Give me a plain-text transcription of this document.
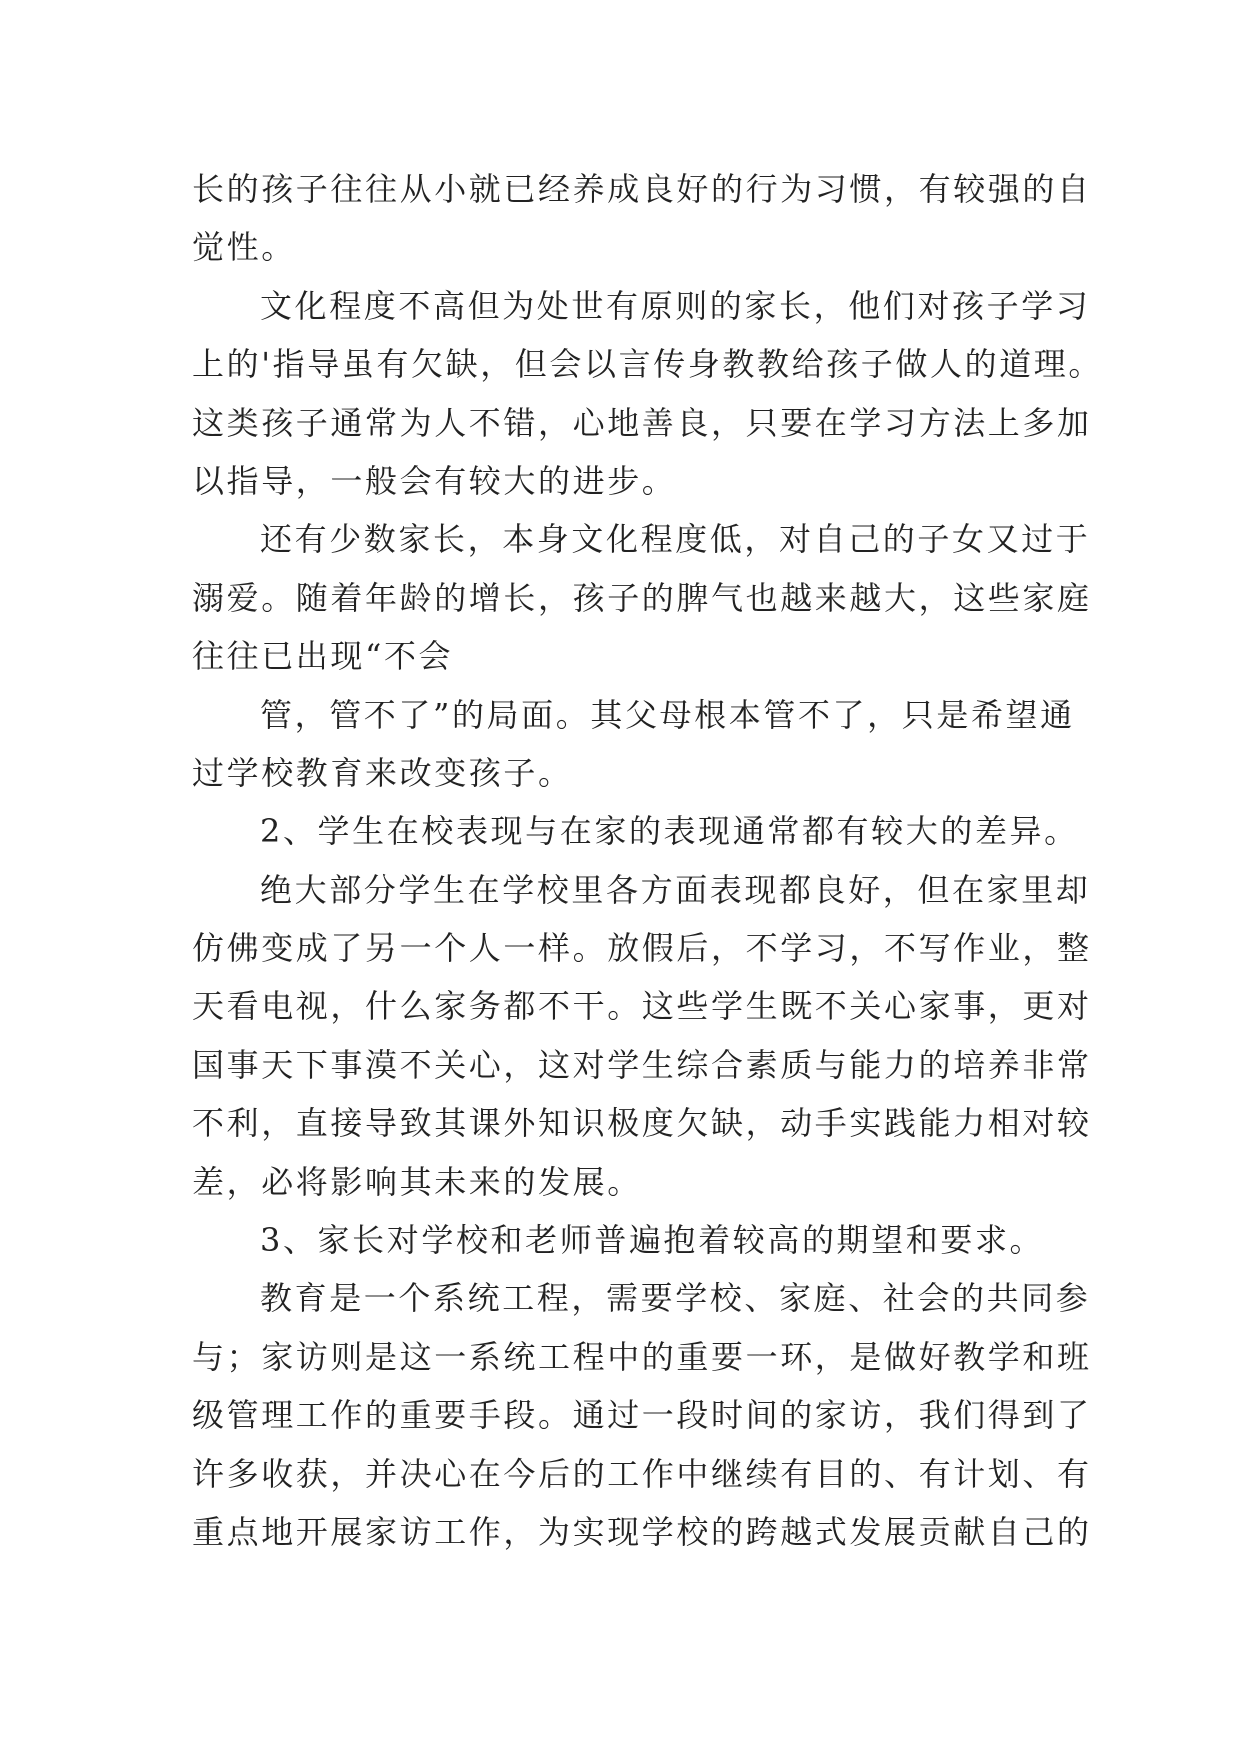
长的孩子往往从小就已经养成良好的行为习惯，有较强的自
觉性。
文化程度不高但为处世有原则的家长，他们对孩子学习
上的'指导虽有欠缺，但会以言传身教教给孩子做人的道理。
这类孩子通常为人不错，心地善良，只要在学习方法上多加
以指导，一般会有较大的进步。
还有少数家长，本身文化程度低，对自己的子女又过于
溺爱。随着年龄的增长，孩子的脾气也越来越大，这些家庭
往往已出现“不会
管，管不了”的局面。其父母根本管不了，只是希望通
过学校教育来改变孩子。
2、学生在校表现与在家的表现通常都有较大的差异。
绝大部分学生在学校里各方面表现都良好，但在家里却
仿佛变成了另一个人一样。放假后，不学习，不写作业，整
天看电视，什么家务都不干。这些学生既不关心家事，更对
国事天下事漠不关心，这对学生综合素质与能力的培养非常
不利，直接导致其课外知识极度欠缺，动手实践能力相对较
差，必将影响其未来的发展。
3、家长对学校和老师普遍抱着较高的期望和要求。
教育是一个系统工程，需要学校、家庭、社会的共同参
与；家访则是这一系统工程中的重要一环，是做好教学和班
级管理工作的重要手段。通过一段时间的家访，我们得到了
许多收获，并决心在今后的工作中继续有目的、有计划、有
重点地开展家访工作，为实现学校的跨越式发展贡献自己的
